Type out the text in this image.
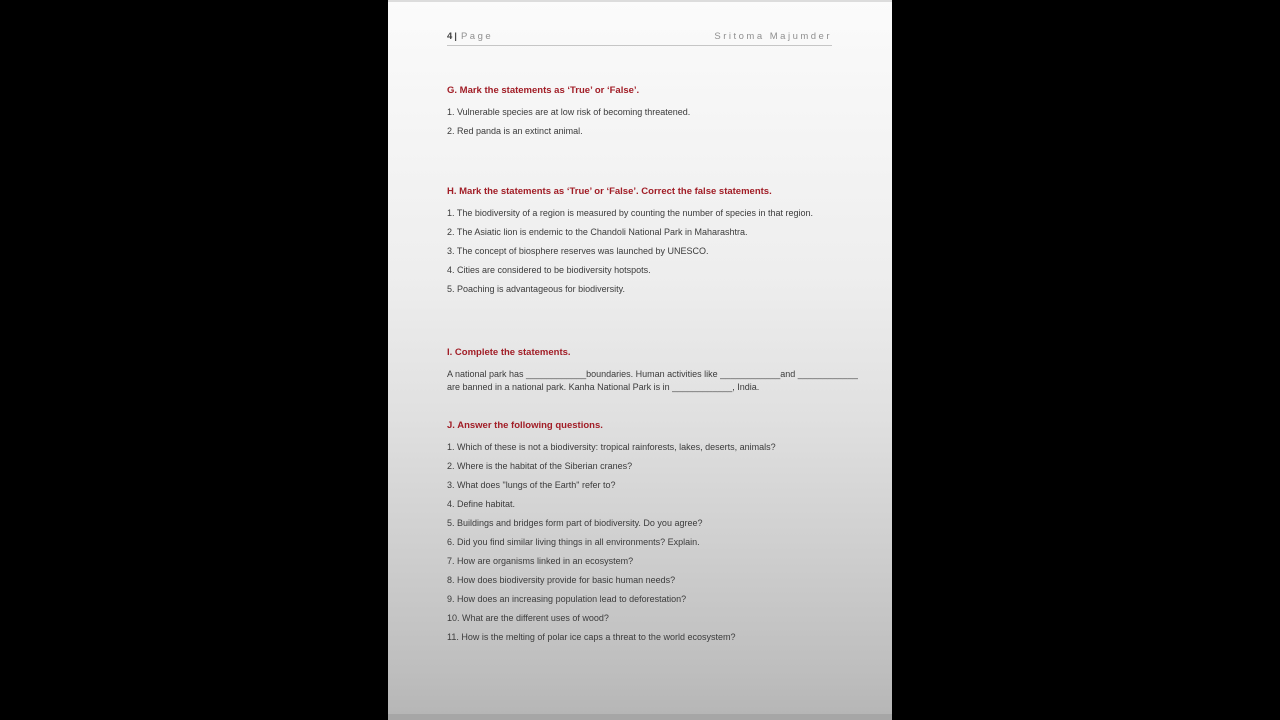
4 | Page	Sritoma Majumder
G. Mark the statements as ‘True’ or ‘False’.

1. Vulnerable species are at low risk of becoming threatened.

2. Red panda is an extinct animal.

H. Mark the statements as ‘True’ or ‘False’. Correct the false statements.

1. The biodiversity of a region is measured by counting the number of species in that region.

2. The Asiatic lion is endemic to the Chandoli National Park in Maharashtra.

3. The concept of biosphere reserves was launched by UNESCO.

4. Cities are considered to be biodiversity hotspots.

5. Poaching is advantageous for biodiversity.

I. Complete the statements.

A national park has ____________boundaries. Human activities like ____________and ____________

are banned in a national park. Kanha National Park is in ____________, India.

J. Answer the following questions.

1. Which of these is not a biodiversity: tropical rainforests, lakes, deserts, animals?

2. Where is the habitat of the Siberian cranes?

3. What does "lungs of the Earth" refer to?

4. Define habitat.

5. Buildings and bridges form part of biodiversity. Do you agree?

6. Did you find similar living things in all environments? Explain.

7. How are organisms linked in an ecosystem?

8. How does biodiversity provide for basic human needs?

9. How does an increasing population lead to deforestation?

10. What are the different uses of wood?

11. How is the melting of polar ice caps a threat to the world ecosystem?
